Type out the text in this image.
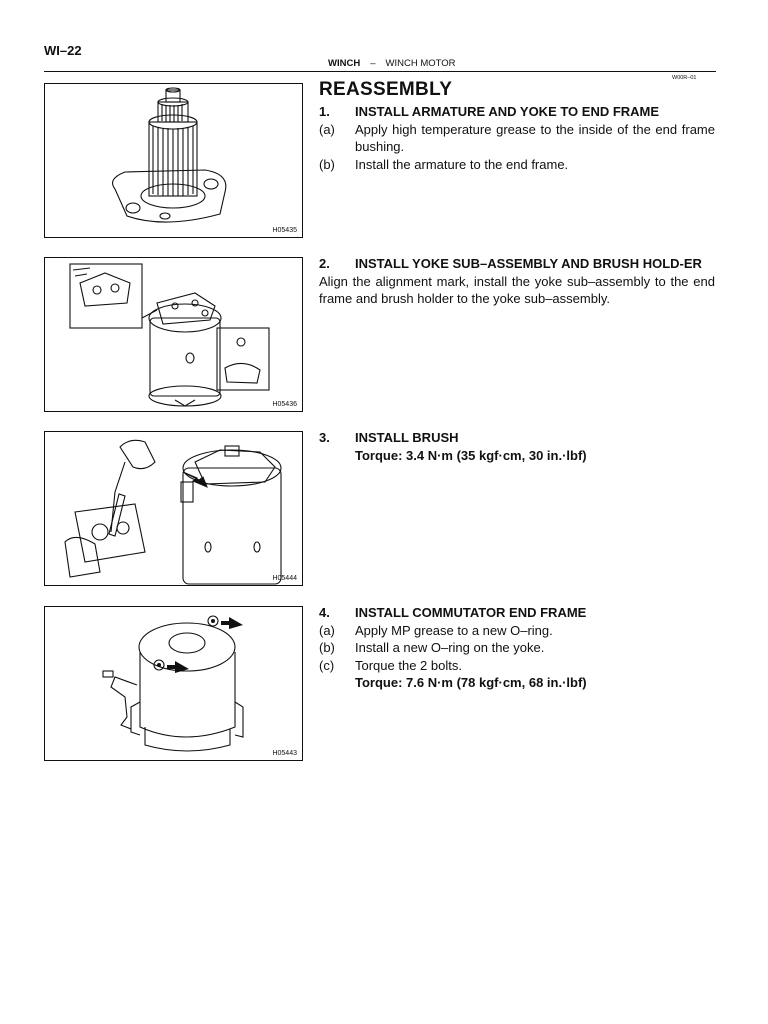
WI–22
WINCH – WINCH MOTOR
W00R–01
REASSEMBLY
H05435
H05436
H05444
H05443
1.	INSTALL ARMATURE AND YOKE TO END FRAME
(a)	Apply high temperature grease to the inside of the end frame bushing.
(b)	Install the armature to the end frame.
2.	INSTALL YOKE SUB–ASSEMBLY AND BRUSH HOLD-ER
Align the alignment mark, install the yoke sub–assembly to the end frame and brush holder to the yoke sub–assembly.
3.	INSTALL BRUSH
Torque: 3.4 N·m (35 kgf·cm, 30 in.·lbf)
4.	INSTALL COMMUTATOR END FRAME
(a)	Apply MP grease to a new O–ring.
(b)	Install a new O–ring on the yoke.
(c)	Torque the 2 bolts.
Torque: 7.6 N·m (78 kgf·cm, 68 in.·lbf)
